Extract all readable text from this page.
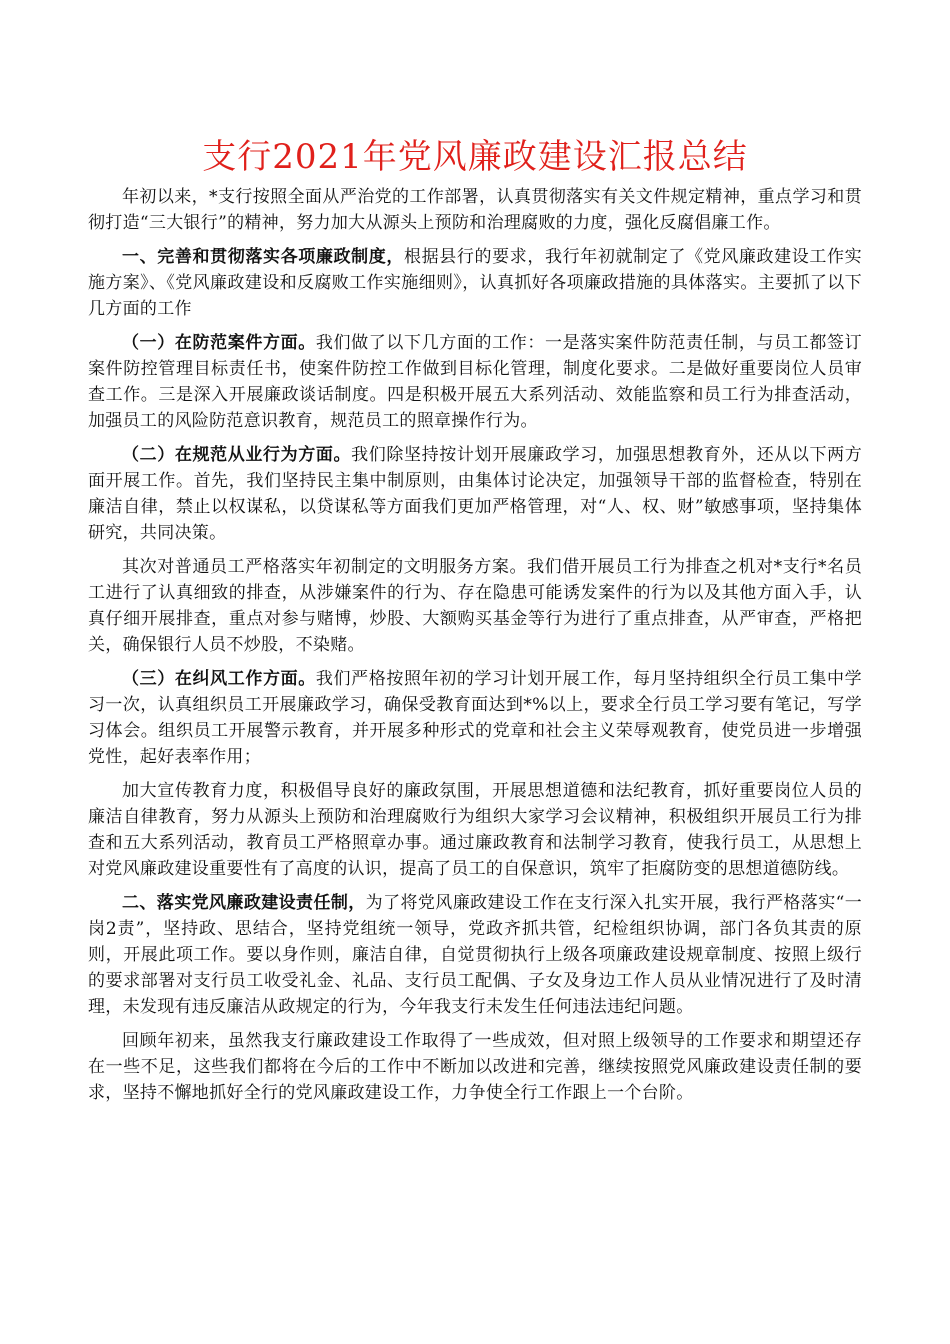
支行2021年党风廉政建设汇报总结

年初以来，*支行按照全面从严治党的工作部署，认真贯彻落实有关文件规定精神，重点学习和贯彻打造“三大银行”的精神，努力加大从源头上预防和治理腐败的力度，强化反腐倡廉工作。

一、完善和贯彻落实各项廉政制度，根据县行的要求，我行年初就制定了《党风廉政建设工作实施方案》、《党风廉政建设和反腐败工作实施细则》，认真抓好各项廉政措施的具体落实。主要抓了以下几方面的工作

（一）在防范案件方面。我们做了以下几方面的工作：一是落实案件防范责任制，与员工都签订案件防控管理目标责任书，使案件防控工作做到目标化管理，制度化要求。二是做好重要岗位人员审查工作。三是深入开展廉政谈话制度。四是积极开展五大系列活动、效能监察和员工行为排查活动，加强员工的风险防范意识教育，规范员工的照章操作行为。

（二）在规范从业行为方面。我们除坚持按计划开展廉政学习，加强思想教育外，还从以下两方面开展工作。首先，我们坚持民主集中制原则，由集体讨论决定，加强领导干部的监督检查，特别在廉洁自律，禁止以权谋私，以贷谋私等方面我们更加严格管理，对“人、权、财”敏感事项，坚持集体研究，共同决策。

其次对普通员工严格落实年初制定的文明服务方案。我们借开展员工行为排查之机对*支行*名员工进行了认真细致的排查，从涉嫌案件的行为、存在隐患可能诱发案件的行为以及其他方面入手，认真仔细开展排查，重点对参与赌博，炒股、大额购买基金等行为进行了重点排查，从严审查，严格把关，确保银行人员不炒股，不染赌。

（三）在纠风工作方面。我们严格按照年初的学习计划开展工作，每月坚持组织全行员工集中学习一次，认真组织员工开展廉政学习，确保受教育面达到*%以上，要求全行员工学习要有笔记，写学习体会。组织员工开展警示教育，并开展多种形式的党章和社会主义荣辱观教育，使党员进一步增强党性，起好表率作用；

加大宣传教育力度，积极倡导良好的廉政氛围，开展思想道德和法纪教育，抓好重要岗位人员的廉洁自律教育，努力从源头上预防和治理腐败行为组织大家学习会议精神，积极组织开展员工行为排查和五大系列活动，教育员工严格照章办事。通过廉政教育和法制学习教育，使我行员工，从思想上对党风廉政建设重要性有了高度的认识，提高了员工的自保意识，筑牢了拒腐防变的思想道德防线。

二、落实党风廉政建设责任制，为了将党风廉政建设工作在支行深入扎实开展，我行严格落实“一岗2责”，坚持政、思结合，坚持党组统一领导，党政齐抓共管，纪检组织协调，部门各负其责的原则，开展此项工作。要以身作则，廉洁自律，自觉贯彻执行上级各项廉政建设规章制度、按照上级行的要求部署对支行员工收受礼金、礼品、支行员工配偶、子女及身边工作人员从业情况进行了及时清理，未发现有违反廉洁从政规定的行为，今年我支行未发生任何违法违纪问题。

回顾年初来，虽然我支行廉政建设工作取得了一些成效，但对照上级领导的工作要求和期望还存在一些不足，这些我们都将在今后的工作中不断加以改进和完善，继续按照党风廉政建设责任制的要求，坚持不懈地抓好全行的党风廉政建设工作，力争使全行工作跟上一个台阶。
